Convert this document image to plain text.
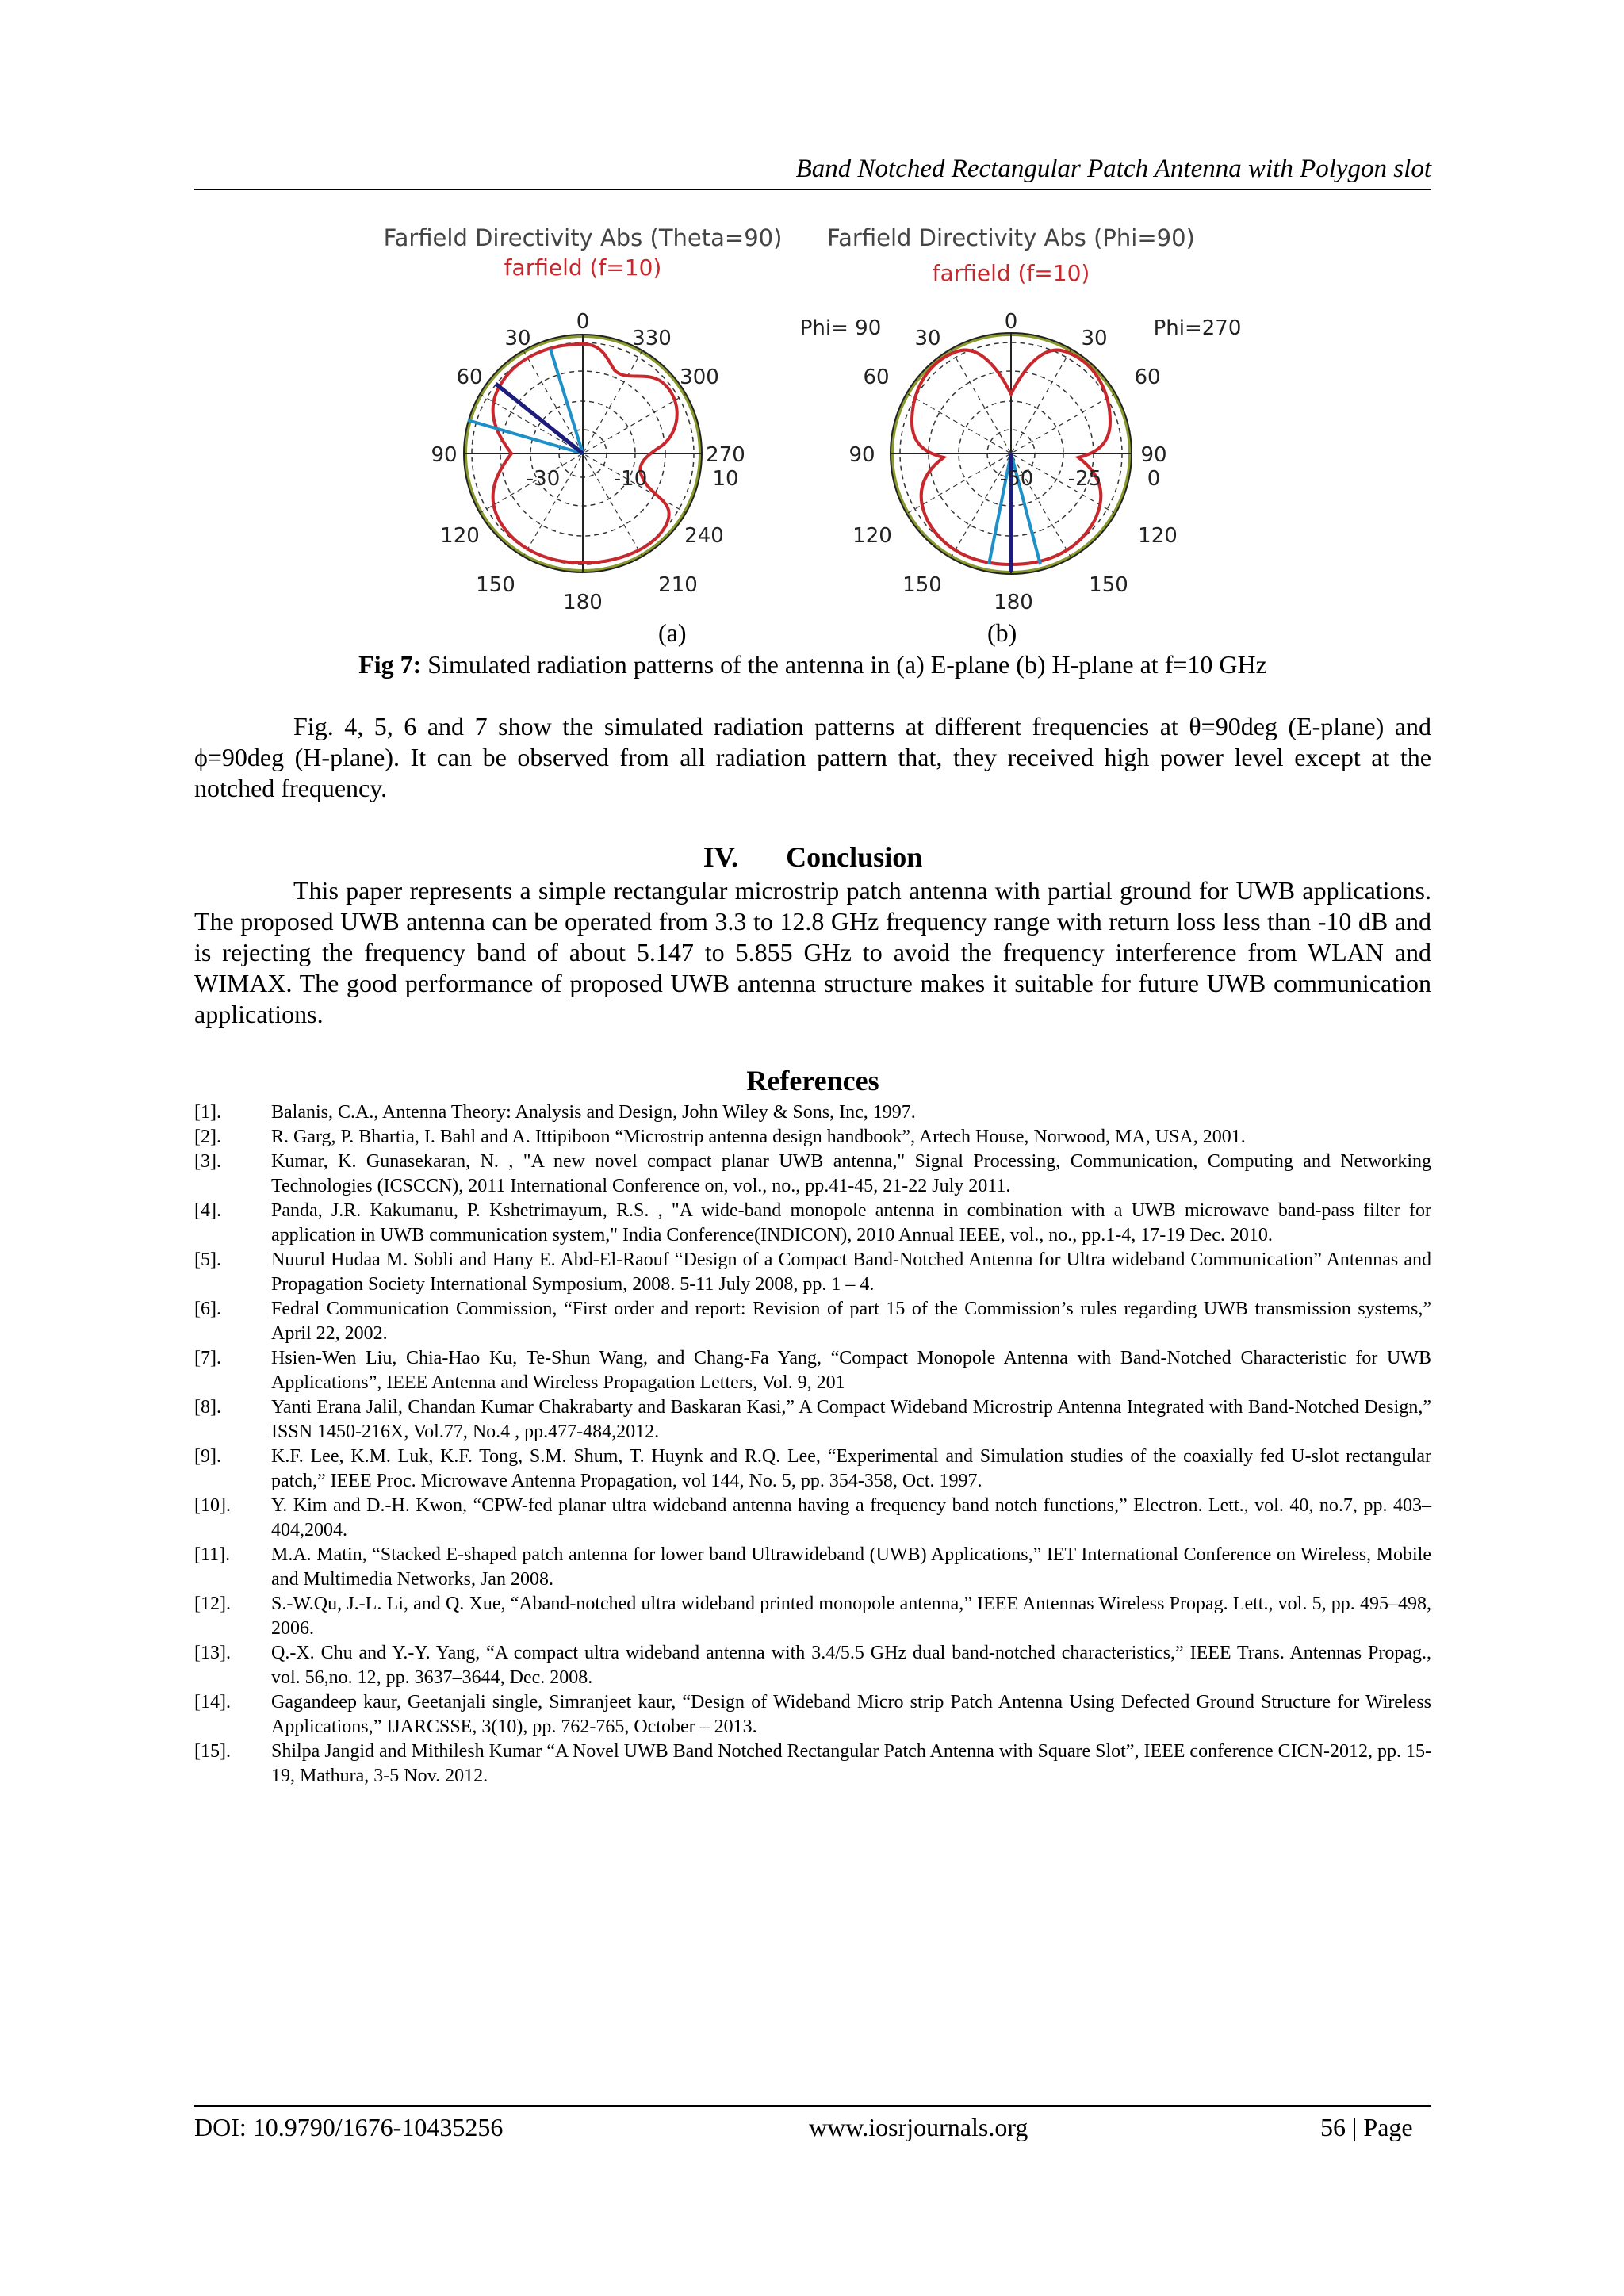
Band Notched Rectangular Patch Antenna with Polygon slot
Farfield Directivity Abs (Theta=90)
farfield (f=10)
0
30	330
60	300
90	270
120	240
150	210
180
-30	-10	10
Farfield Directivity Abs (Phi=90)
farfield (f=10)
0
30	30
60	60
90	90
120	120
150	150
180
-50 -25 0
Phi= 90	Phi=270
(a)	(b)
Fig 7: Simulated radiation patterns of the antenna in (a) E-plane (b) H-plane at f=10 GHz

Fig. 4, 5, 6 and 7 show the simulated radiation patterns at different frequencies at θ=90deg (E-plane) and ϕ=90deg (H-plane). It can be observed from all radiation pattern that, they received high power level except at the notched frequency.

IV. Conclusion

This paper represents a simple rectangular microstrip patch antenna with partial ground for UWB applications. The proposed UWB antenna can be operated from 3.3 to 12.8 GHz frequency range with return loss less than -10 dB and is rejecting the frequency band of about 5.147 to 5.855 GHz to avoid the frequency interference from WLAN and WIMAX. The good performance of proposed UWB antenna structure makes it suitable for future UWB communication applications.

References
[1].	Balanis, C.A., Antenna Theory: Analysis and Design, John Wiley & Sons, Inc, 1997.
[2].	R. Garg, P. Bhartia, I. Bahl and A. Ittipiboon “Microstrip antenna design handbook”, Artech House, Norwood, MA, USA, 2001.
[3].	Kumar, K. Gunasekaran, N. , "A new novel compact planar UWB antenna," Signal Processing, Communication, Computing and Networking Technologies (ICSCCN), 2011 International Conference on, vol., no., pp.41-45, 21-22 July 2011.
[4].	Panda, J.R. Kakumanu, P. Kshetrimayum, R.S. , "A wide-band monopole antenna in combination with a UWB microwave band-pass filter for application in UWB communication system," India Conference(INDICON), 2010 Annual IEEE, vol., no., pp.1-4, 17-19 Dec. 2010.
[5].	Nuurul Hudaa M. Sobli and Hany E. Abd-El-Raouf “Design of a Compact Band-Notched Antenna for Ultra wideband Communication” Antennas and Propagation Society International Symposium, 2008. 5-11 July 2008, pp. 1 – 4.
[6].	Fedral Communication Commission, “First order and report: Revision of part 15 of the Commission’s rules regarding UWB transmission systems,” April 22, 2002.
[7].	Hsien-Wen Liu, Chia-Hao Ku, Te-Shun Wang, and Chang-Fa Yang, “Compact Monopole Antenna with Band-Notched Characteristic for UWB Applications”, IEEE Antenna and Wireless Propagation Letters, Vol. 9, 201
[8].	Yanti Erana Jalil, Chandan Kumar Chakrabarty and Baskaran Kasi,” A Compact Wideband Microstrip Antenna Integrated with Band-Notched Design,” ISSN 1450-216X, Vol.77, No.4 , pp.477-484,2012.
[9].	K.F. Lee, K.M. Luk, K.F. Tong, S.M. Shum, T. Huynk and R.Q. Lee, “Experimental and Simulation studies of the coaxially fed U-slot rectangular patch,” IEEE Proc. Microwave Antenna Propagation, vol 144, No. 5, pp. 354-358, Oct. 1997.
[10].	Y. Kim and D.-H. Kwon, “CPW-fed planar ultra wideband antenna having a frequency band notch functions,” Electron. Lett., vol. 40, no.7, pp. 403–404,2004.
[11].	M.A. Matin, “Stacked E-shaped patch antenna for lower band Ultrawideband (UWB) Applications,” IET International Conference on Wireless, Mobile and Multimedia Networks, Jan 2008.
[12].	S.-W.Qu, J.-L. Li, and Q. Xue, “Aband-notched ultra wideband printed monopole antenna,” IEEE Antennas Wireless Propag. Lett., vol. 5, pp. 495–498, 2006.
[13].	Q.-X. Chu and Y.-Y. Yang, “A compact ultra wideband antenna with 3.4/5.5 GHz dual band-notched characteristics,” IEEE Trans. Antennas Propag., vol. 56,no. 12, pp. 3637–3644, Dec. 2008.
[14].	Gagandeep kaur, Geetanjali single, Simranjeet kaur, “Design of Wideband Micro strip Patch Antenna Using Defected Ground Structure for Wireless Applications,” IJARCSSE, 3(10), pp. 762-765, October – 2013.
[15].	Shilpa Jangid and Mithilesh Kumar “A Novel UWB Band Notched Rectangular Patch Antenna with Square Slot”, IEEE conference CICN-2012, pp. 15-19, Mathura, 3-5 Nov. 2012.
DOI: 10.9790/1676-10435256	www.iosrjournals.org	56 | Page
